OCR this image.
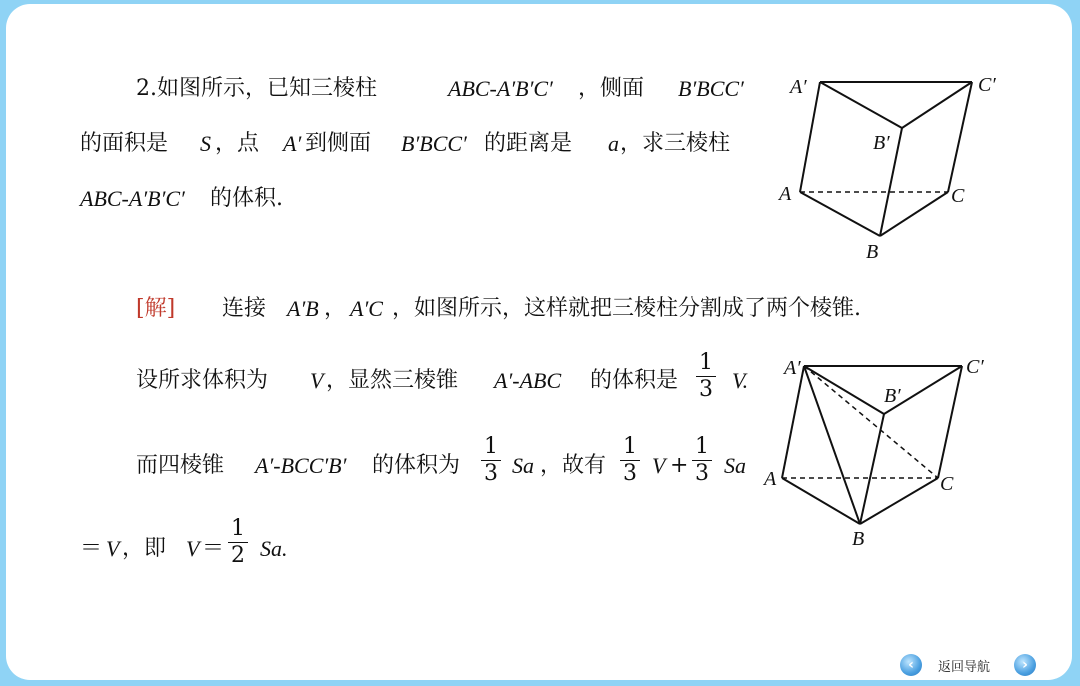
2.如图所示，已知三棱柱	ABC-A′B′C′ ，侧面 B′BCC′
的面积是 S ，点 A′ 到侧面 B′BCC′ 的距离是 a ，求三棱柱
ABC-A′B′C′ 的体积.
A′	C′
B′
A	C
B
[解] 连接 A′B ， A′C ，如图所示，这样就把三棱柱分割成了两个棱锥.
设所求体积为 V ，显然三棱锥 A′-ABC 的体积是
1
3 V.
而四棱锥 A′-BCC′B′ 的体积为
1
3 Sa ，故有
1
3 V +
1
3 Sa
＝ V ，即 V ＝
1
2 Sa.
A′	C′
B′
A	C
B
‹	返回导航	›
